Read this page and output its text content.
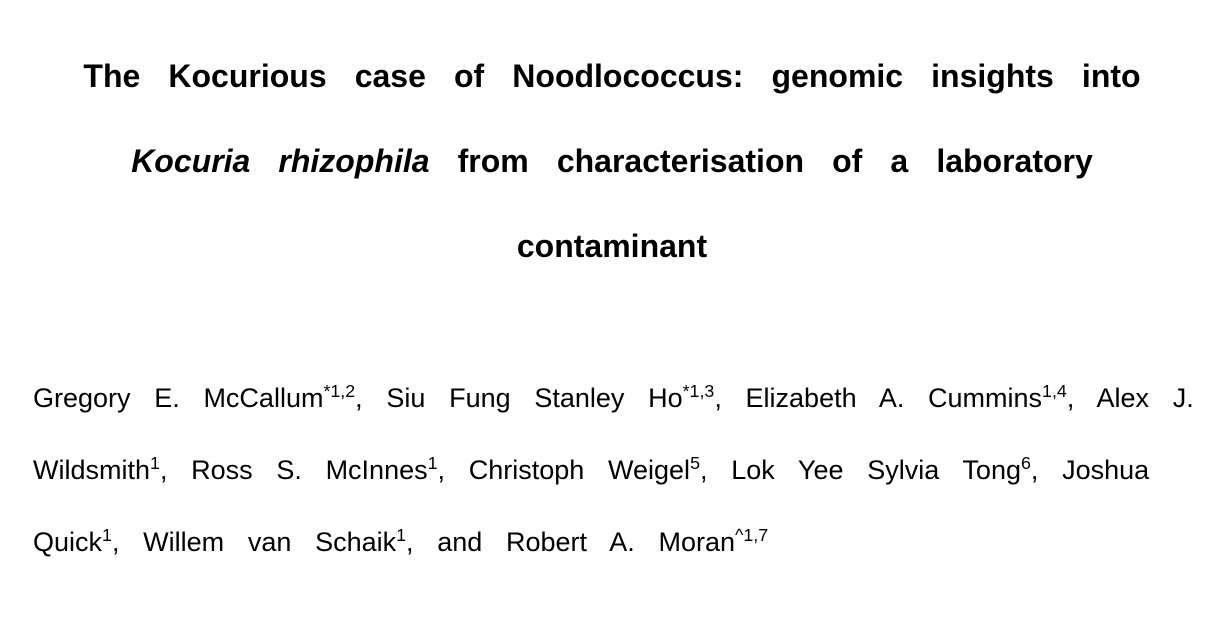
The Kocurious case of Noodlococcus: genomic insights into Kocuria rhizophila from characterisation of a laboratory contaminant

Gregory E. McCallum$^{*1,2}$, Siu Fung Stanley Ho$^{*1,3}$, Elizabeth A. Cummins$^{1,4}$, Alex J. Wildsmith$^1$, Ross S. McInnes$^1$, Christoph Weigel$^5$, Lok Yee Sylvia Tong$^6$, Joshua Quick$^1$, Willem van Schaik$^1$, and Robert A. Moran$^{\^{}1,7}$
